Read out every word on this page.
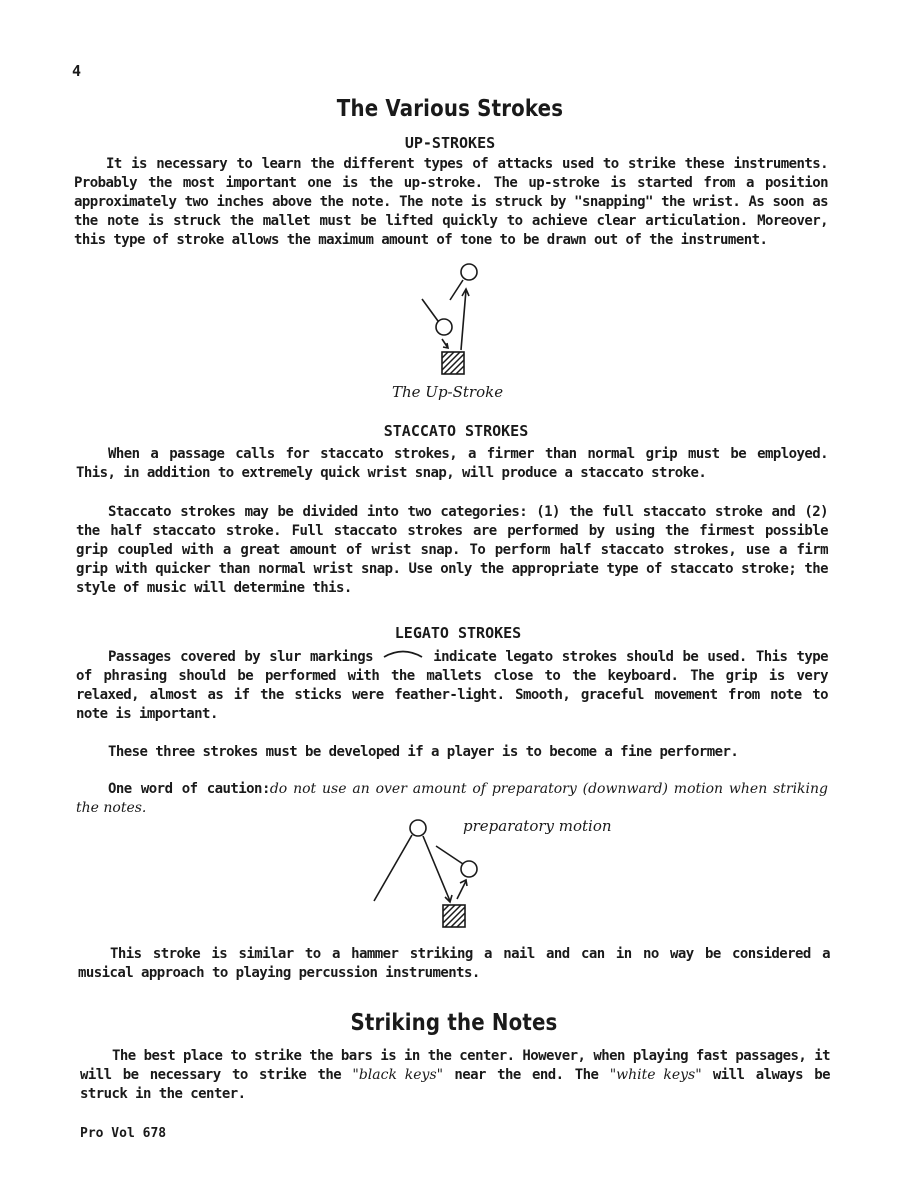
4
The Various Strokes
UP-STROKES

It is necessary to learn the different types of attacks used to strike these instruments. Probably the most important one is the up-stroke. The up-stroke is started from a position approximately two inches above the note. The note is struck by "snapping" the wrist. As soon as the note is struck the mallet must be lifted quickly to achieve clear articulation. Moreover, this type of stroke allows the maximum amount of tone to be drawn out of the instrument.

The Up-Stroke
STACCATO STROKES

When a passage calls for staccato strokes, a firmer than normal grip must be employed. This, in addition to extremely quick wrist snap, will produce a staccato stroke.

Staccato strokes may be divided into two categories: (1) the full staccato stroke and (2) the half staccato stroke. Full staccato strokes are performed by using the firmest possible grip coupled with a great amount of wrist snap. To perform half staccato strokes, use a firm grip with quicker than normal wrist snap. Use only the appropriate type of staccato stroke; the style of music will determine this.

LEGATO STROKES

Passages covered by slur markings	indicate legato strokes should be used. This type of phrasing should be performed with the mallets close to the keyboard. The grip is very relaxed, almost as if the sticks were feather-light. Smooth, graceful movement from note to note is important.

These three strokes must be developed if a player is to become a fine performer.

One word of caution:do not use an over amount of preparatory (downward) motion when striking the notes.

preparatory motion

This stroke is similar to a hammer striking a nail and can in no way be considered a musical approach to playing percussion instruments.

Striking the Notes

The best place to strike the bars is in the center. However, when playing fast passages, it will be necessary to strike the "black keys" near the end. The "white keys" will always be struck in the center.

Pro Vol 678
